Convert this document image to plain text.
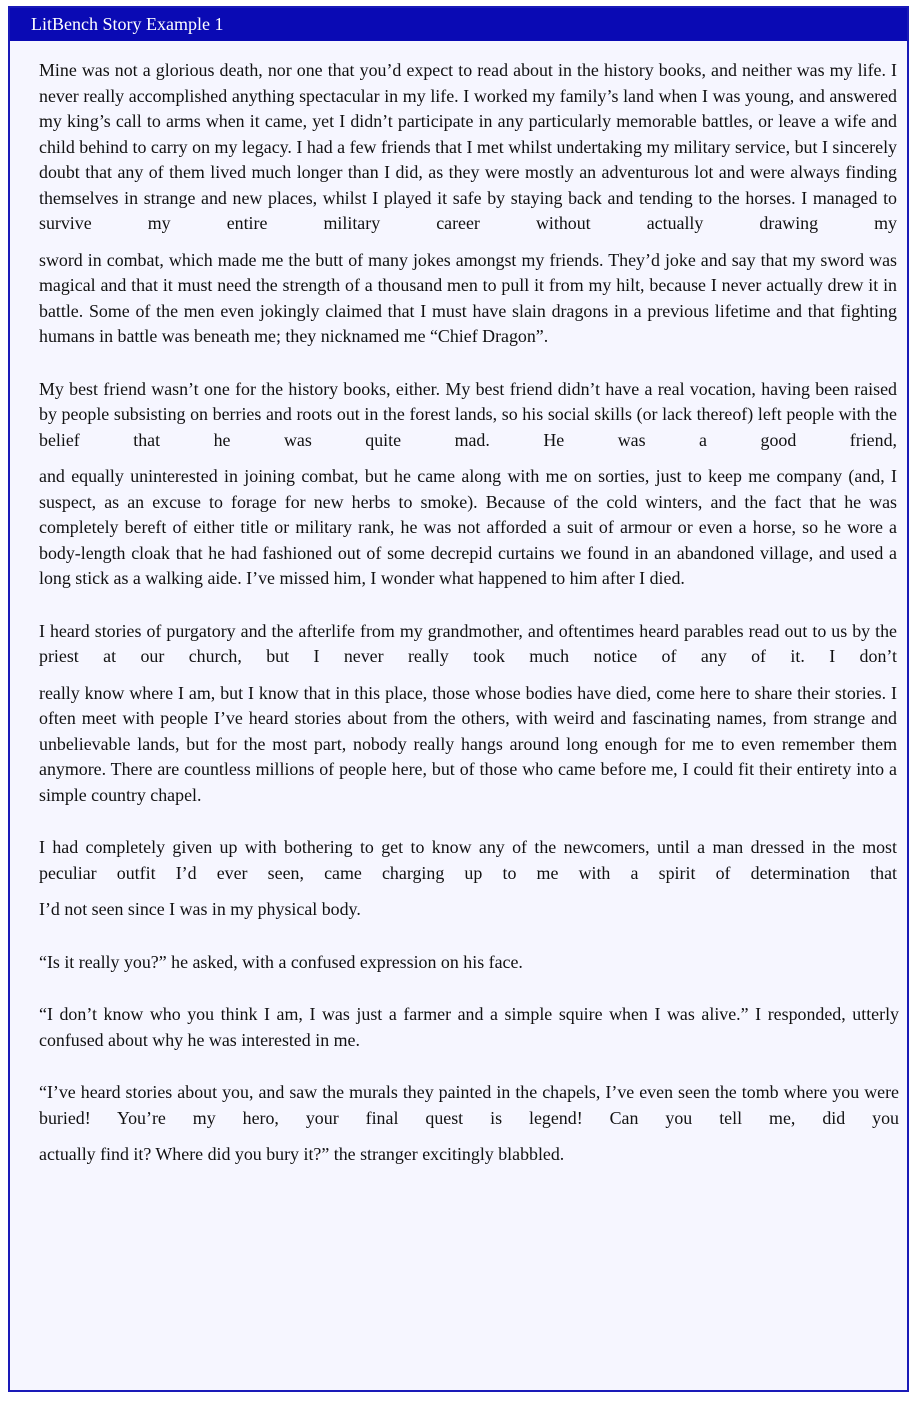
LitBench Story Example 1

Mine was not a glorious death, nor one that you’d expect to read about in the history books, and neither was my life. I never really accomplished anything spectacular in my life. I worked my family’s land when I was young, and answered my king’s call to arms when it came, yet I didn’t participate in any particularly memorable battles, or leave a wife and child behind to carry on my legacy. I had a few friends that I met whilst undertaking my military service, but I sincerely doubt that any of them lived much longer than I did, as they were mostly an adventurous lot and were always finding themselves in strange and new places, whilst I played it safe by staying back and tending to the horses. I managed to survive my entire military career without actually drawing my

sword in combat, which made me the butt of many jokes amongst my friends. They’d joke and say that my sword was magical and that it must need the strength of a thousand men to pull it from my hilt, because I never actually drew it in battle. Some of the men even jokingly claimed that I must have slain dragons in a previous lifetime and that fighting humans in battle was beneath me; they nicknamed me “Chief Dragon”.

My best friend wasn’t one for the history books, either. My best friend didn’t have a real vocation, having been raised by people subsisting on berries and roots out in the forest lands, so his social skills (or lack thereof) left people with the belief that he was quite mad. He was a good friend,

and equally uninterested in joining combat, but he came along with me on sorties, just to keep me company (and, I suspect, as an excuse to forage for new herbs to smoke). Because of the cold winters, and the fact that he was completely bereft of either title or military rank, he was not afforded a suit of armour or even a horse, so he wore a body-length cloak that he had fashioned out of some decrepid curtains we found in an abandoned village, and used a long stick as a walking aide. I’ve missed him, I wonder what happened to him after I died.

I heard stories of purgatory and the afterlife from my grandmother, and oftentimes heard parables read out to us by the priest at our church, but I never really took much notice of any of it. I don’t

really know where I am, but I know that in this place, those whose bodies have died, come here to share their stories. I often meet with people I’ve heard stories about from the others, with weird and fascinating names, from strange and unbelievable lands, but for the most part, nobody really hangs around long enough for me to even remember them anymore. There are countless millions of people here, but of those who came before me, I could fit their entirety into a simple country chapel.

I had completely given up with bothering to get to know any of the newcomers, until a man dressed in the most peculiar outfit I’d ever seen, came charging up to me with a spirit of determination that

I’d not seen since I was in my physical body.

“Is it really you?” he asked, with a confused expression on his face.

“I don’t know who you think I am, I was just a farmer and a simple squire when I was alive.” I responded, utterly confused about why he was interested in me.

“I’ve heard stories about you, and saw the murals they painted in the chapels, I’ve even seen the tomb where you were buried! You’re my hero, your final quest is legend! Can you tell me, did you

actually find it? Where did you bury it?” the stranger excitingly blabbled.
